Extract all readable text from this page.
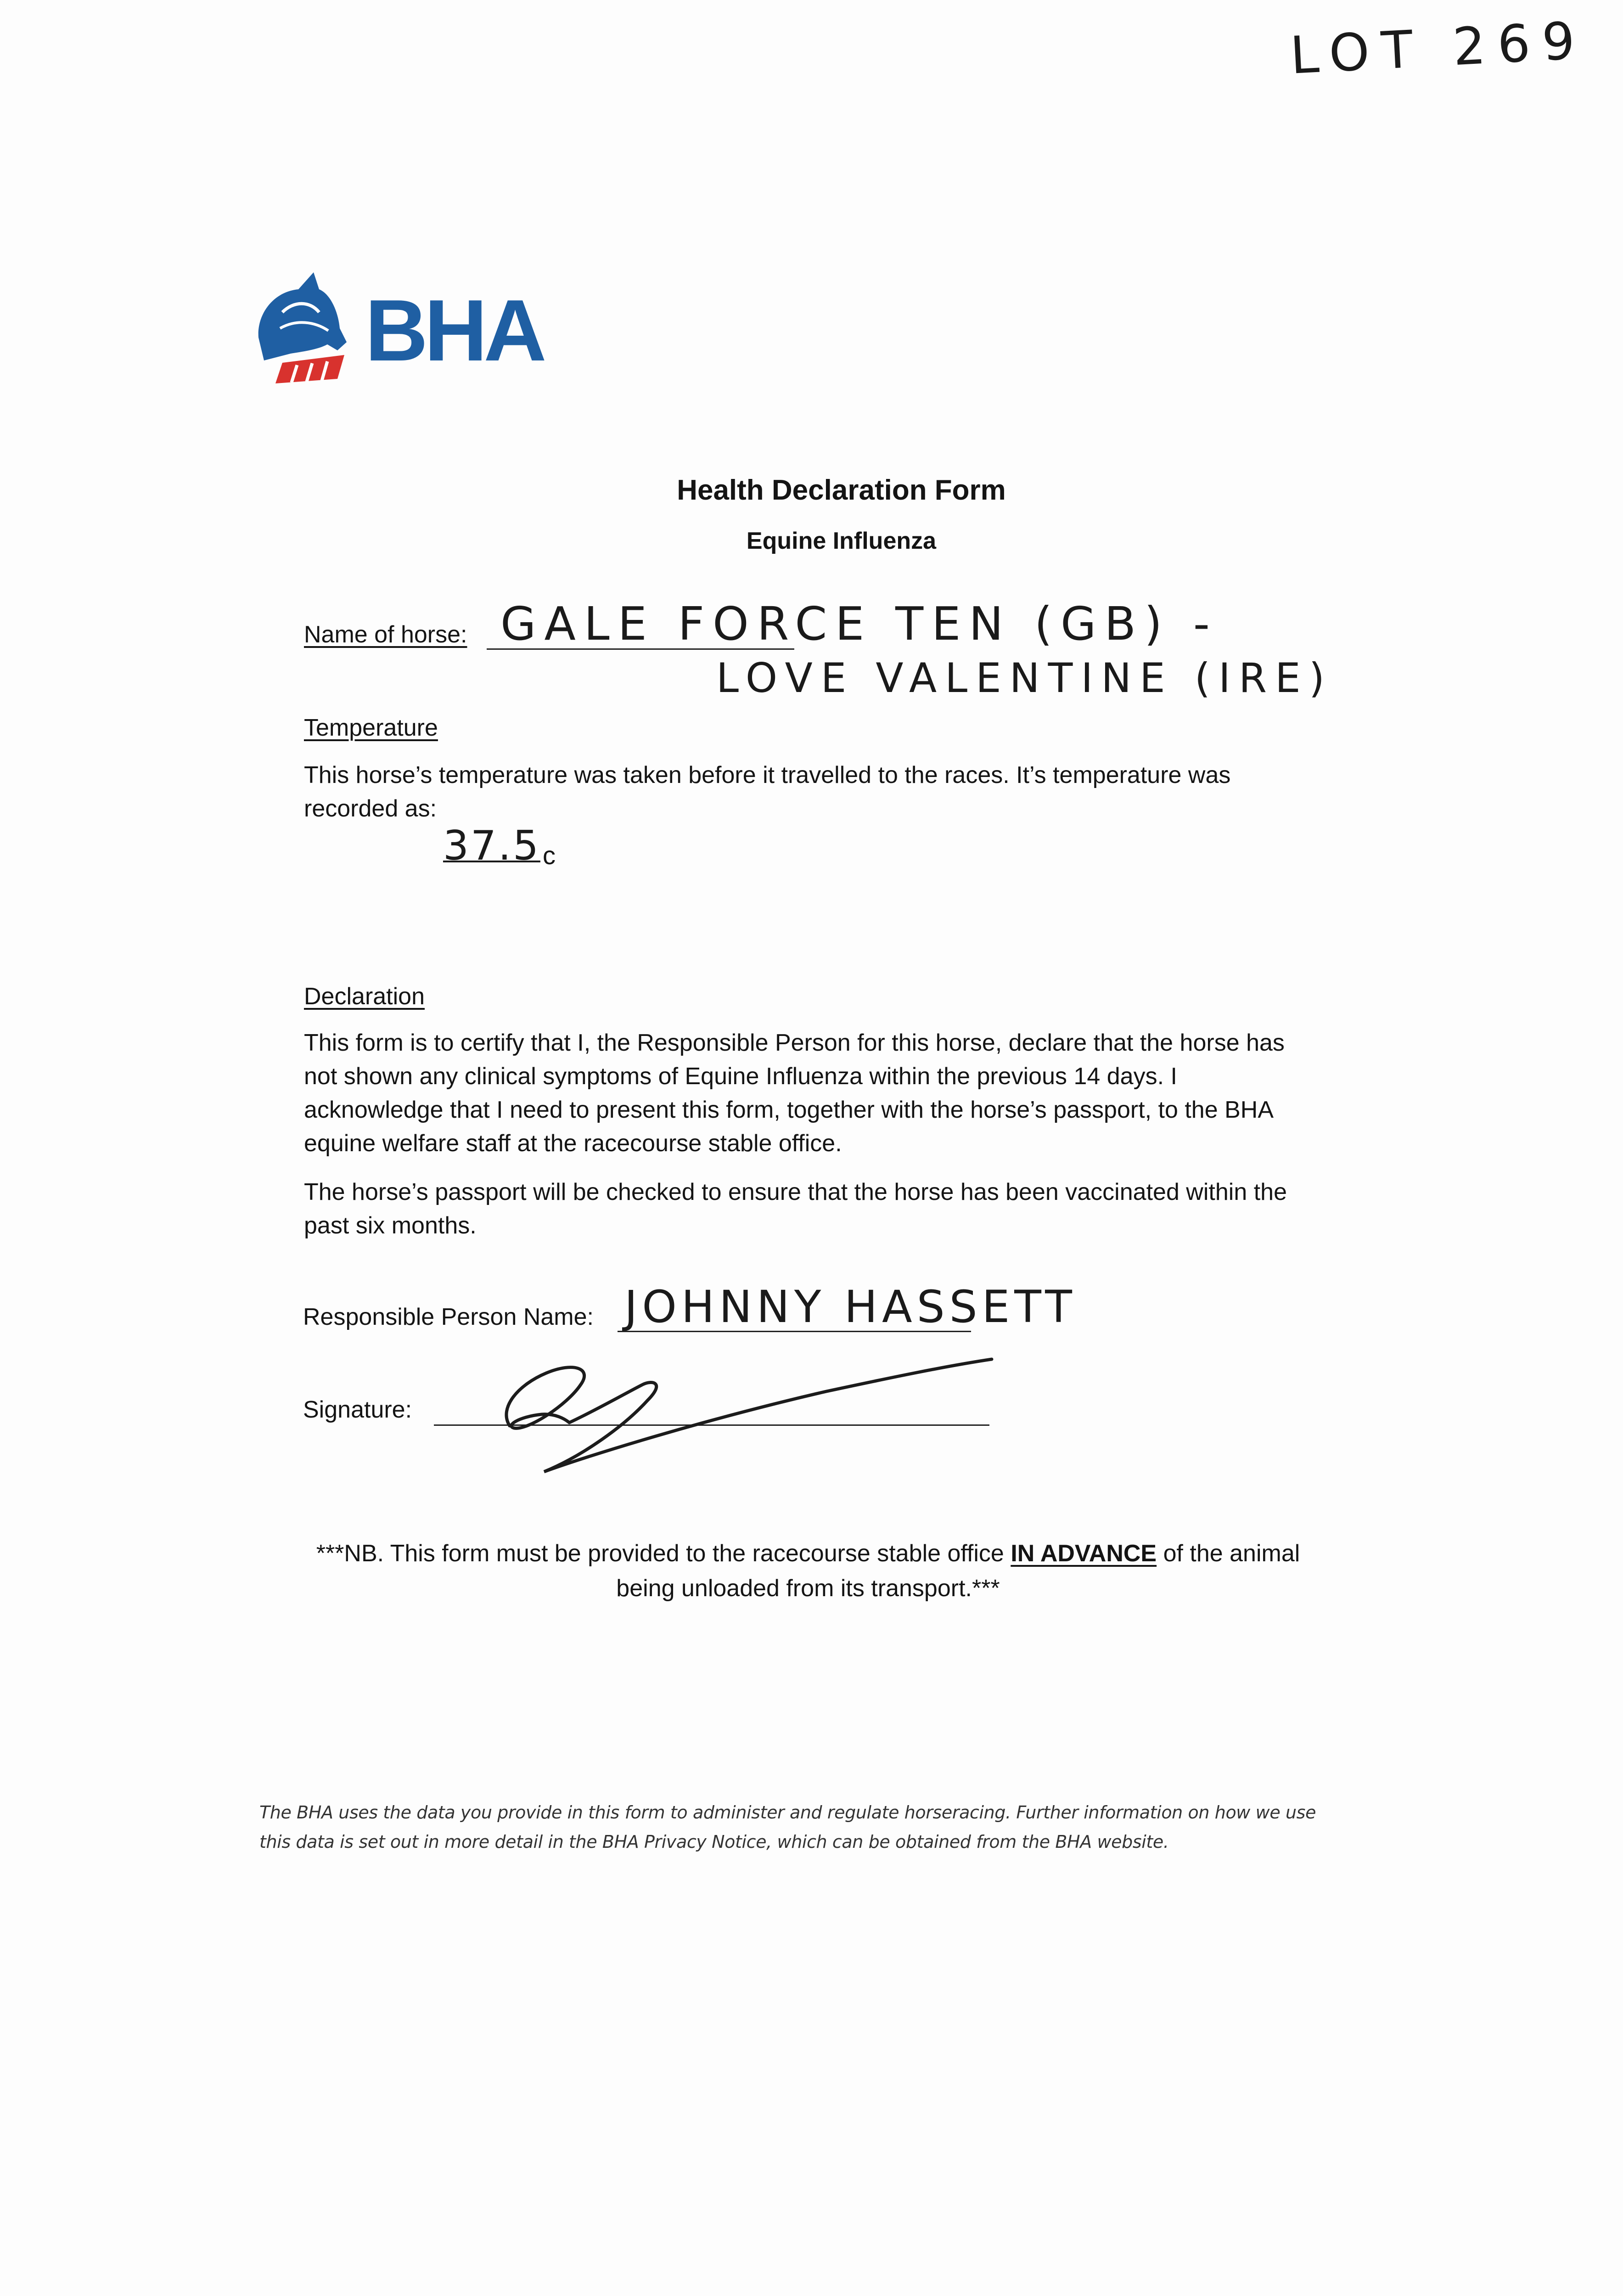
LOT 269
BHA
Health Declaration Form
Equine Influenza
Name of horse: GALE FORCE TEN (GB) -
LOVE VALENTINE (IRE)
Temperature
This horse’s temperature was taken before it travelled to the races. It’s temperature was recorded as:
37.5 c
Declaration
This form is to certify that I, the Responsible Person for this horse, declare that the horse has not shown any clinical symptoms of Equine Influenza within the previous 14 days. I acknowledge that I need to present this form, together with the horse’s passport, to the BHA equine welfare staff at the racecourse stable office.
The horse’s passport will be checked to ensure that the horse has been vaccinated within the past six months.
Responsible Person Name: JOHNNY HASSETT
Signature:
***NB. This form must be provided to the racecourse stable office IN ADVANCE of the animal being unloaded from its transport.***
The BHA uses the data you provide in this form to administer and regulate horseracing. Further information on how we use this data is set out in more detail in the BHA Privacy Notice, which can be obtained from the BHA website.
